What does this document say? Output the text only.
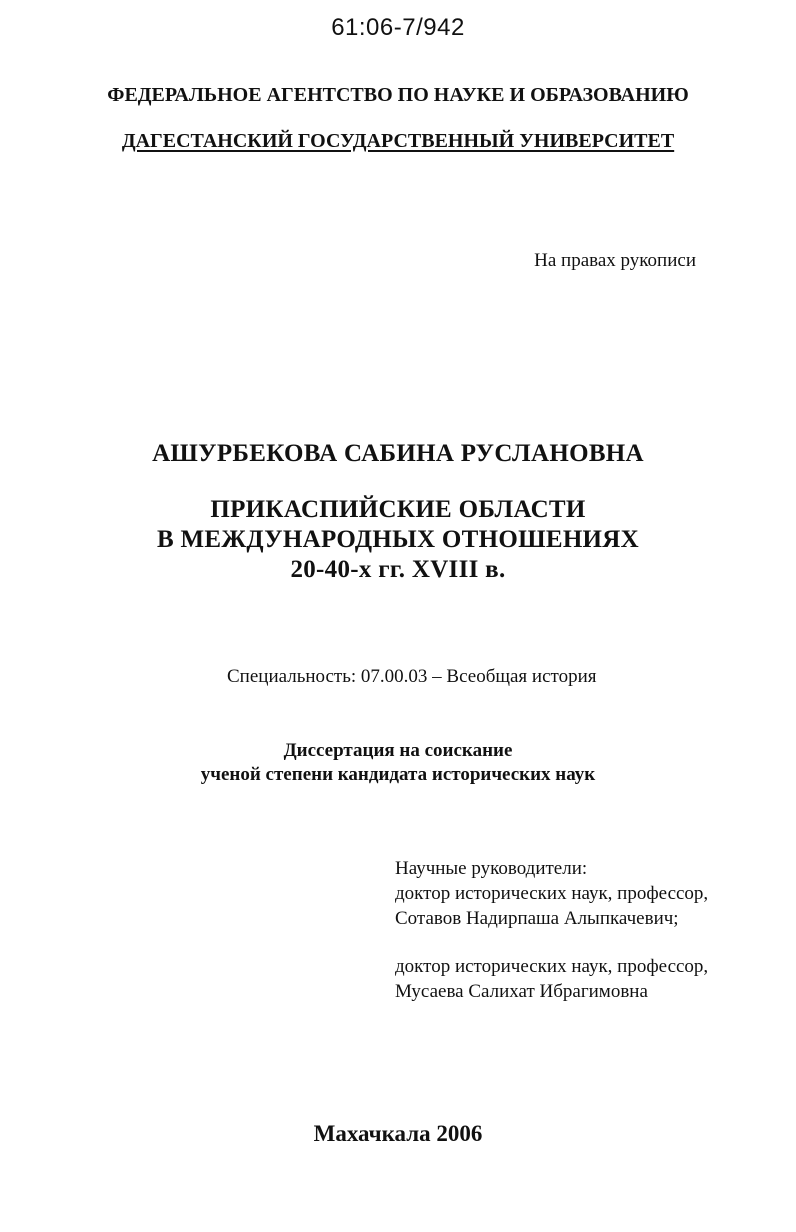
61:06-7/942
ФЕДЕРАЛЬНОЕ АГЕНТСТВО ПО НАУКЕ И ОБРАЗОВАНИЮ
ДАГЕСТАНСКИЙ ГОСУДАРСТВЕННЫЙ УНИВЕРСИТЕТ
На правах рукописи
АШУРБЕКОВА САБИНА РУСЛАНОВНА
ПРИКАСПИЙСКИЕ ОБЛАСТИ
В МЕЖДУНАРОДНЫХ ОТНОШЕНИЯХ
20-40-х гг. XVIII в.
Специальность: 07.00.03 – Всеобщая история
Диссертация на соискание
ученой степени кандидата исторических наук
Научные руководители:
доктор исторических наук, профессор,
Сотавов Надирпаша Алыпкачевич;
доктор исторических наук, профессор,
Мусаева Салихат Ибрагимовна
Махачкала 2006
